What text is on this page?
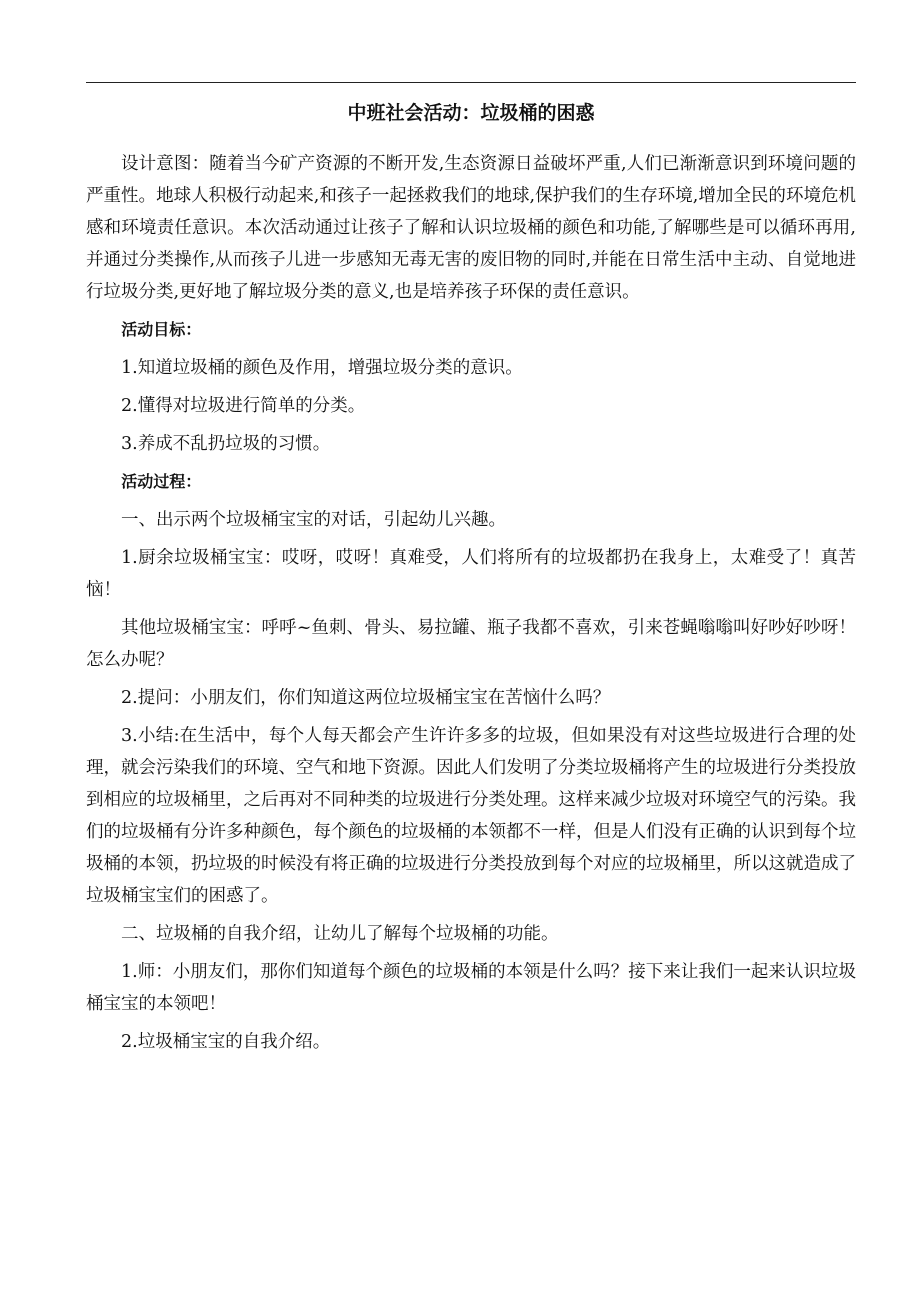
中班社会活动：垃圾桶的困惑

设计意图：随着当今矿产资源的不断开发,生态资源日益破坏严重,人们已渐渐意识到环境问题的严重性。地球人积极行动起来,和孩子一起拯救我们的地球,保护我们的生存环境,增加全民的环境危机感和环境责任意识。本次活动通过让孩子了解和认识垃圾桶的颜色和功能,了解哪些是可以循环再用,并通过分类操作,从而孩子儿进一步感知无毒无害的废旧物的同时,并能在日常生活中主动、自觉地进行垃圾分类,更好地了解垃圾分类的意义,也是培养孩子环保的责任意识。

活动目标：

1.知道垃圾桶的颜色及作用，增强垃圾分类的意识。

2.懂得对垃圾进行简单的分类。

3.养成不乱扔垃圾的习惯。

活动过程：

一、出示两个垃圾桶宝宝的对话，引起幼儿兴趣。

1.厨余垃圾桶宝宝：哎呀，哎呀！真难受，人们将所有的垃圾都扔在我身上，太难受了！真苦恼！

其他垃圾桶宝宝：呼呼~鱼刺、骨头、易拉罐、瓶子我都不喜欢，引来苍蝇嗡嗡叫好吵好吵呀！怎么办呢？

2.提问：小朋友们，你们知道这两位垃圾桶宝宝在苦恼什么吗？

3.小结:在生活中，每个人每天都会产生许许多多的垃圾，但如果没有对这些垃圾进行合理的处理，就会污染我们的环境、空气和地下资源。因此人们发明了分类垃圾桶将产生的垃圾进行分类投放到相应的垃圾桶里，之后再对不同种类的垃圾进行分类处理。这样来减少垃圾对环境空气的污染。我们的垃圾桶有分许多种颜色，每个颜色的垃圾桶的本领都不一样，但是人们没有正确的认识到每个垃圾桶的本领，扔垃圾的时候没有将正确的垃圾进行分类投放到每个对应的垃圾桶里，所以这就造成了垃圾桶宝宝们的困惑了。

二、垃圾桶的自我介绍，让幼儿了解每个垃圾桶的功能。

1.师：小朋友们，那你们知道每个颜色的垃圾桶的本领是什么吗？接下来让我们一起来认识垃圾桶宝宝的本领吧！

2.垃圾桶宝宝的自我介绍。
